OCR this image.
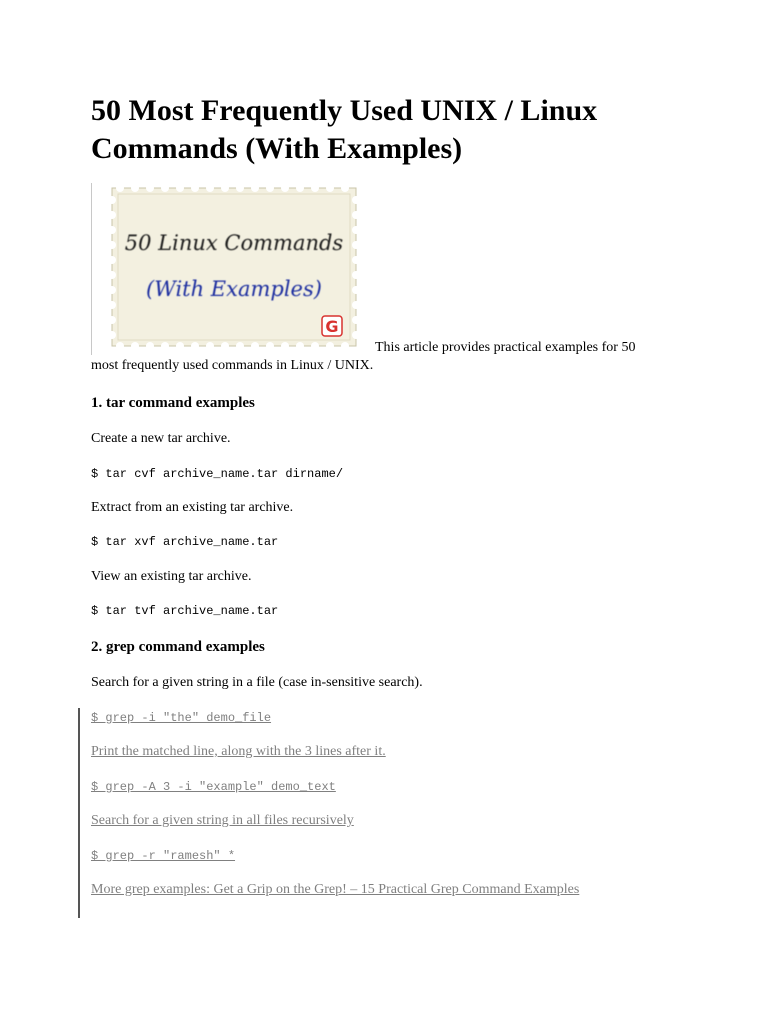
50 Most Frequently Used UNIX / Linux Commands (With Examples)
50 Linux Commands
(With Examples)
G
This article provides practical examples for 50
most frequently used commands in Linux / UNIX.
1. tar command examples
Create a new tar archive.
$ tar cvf archive_name.tar dirname/
Extract from an existing tar archive.
$ tar xvf archive_name.tar
View an existing tar archive.
$ tar tvf archive_name.tar
2. grep command examples
Search for a given string in a file (case in-sensitive search).
$ grep -i "the" demo_file
Print the matched line, along with the 3 lines after it.
$ grep -A 3 -i "example" demo_text
Search for a given string in all files recursively
$ grep -r "ramesh" *
More grep examples: Get a Grip on the Grep! – 15 Practical Grep Command Examples
